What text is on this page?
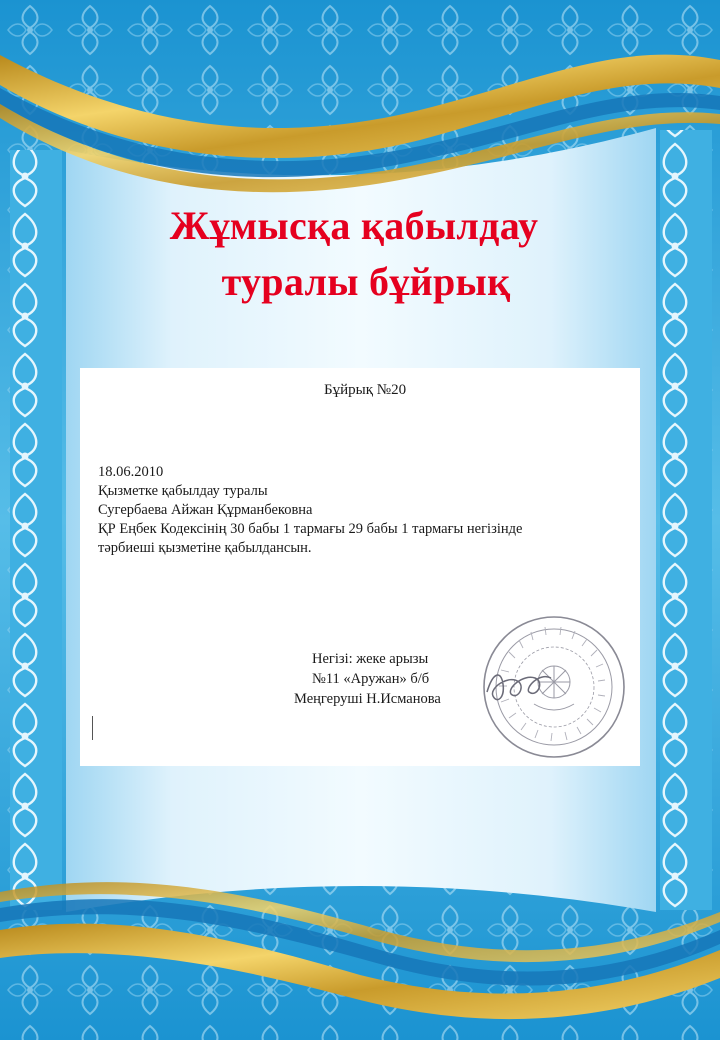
Жұмысқа қабылдау
туралы бұйрық
Бұйрық №20
18.06.2010
Қызметке қабылдау туралы
Сугербаева Айжан Құрманбековна
ҚР Еңбек Кодексінің 30 бабы 1 тармағы 29 бабы 1 тармағы негізінде
тәрбиеші қызметіне қабылдансын.
Негізі: жеке арызы
№11 «Аружан» б/б
Меңгеруші Н.Исманова
